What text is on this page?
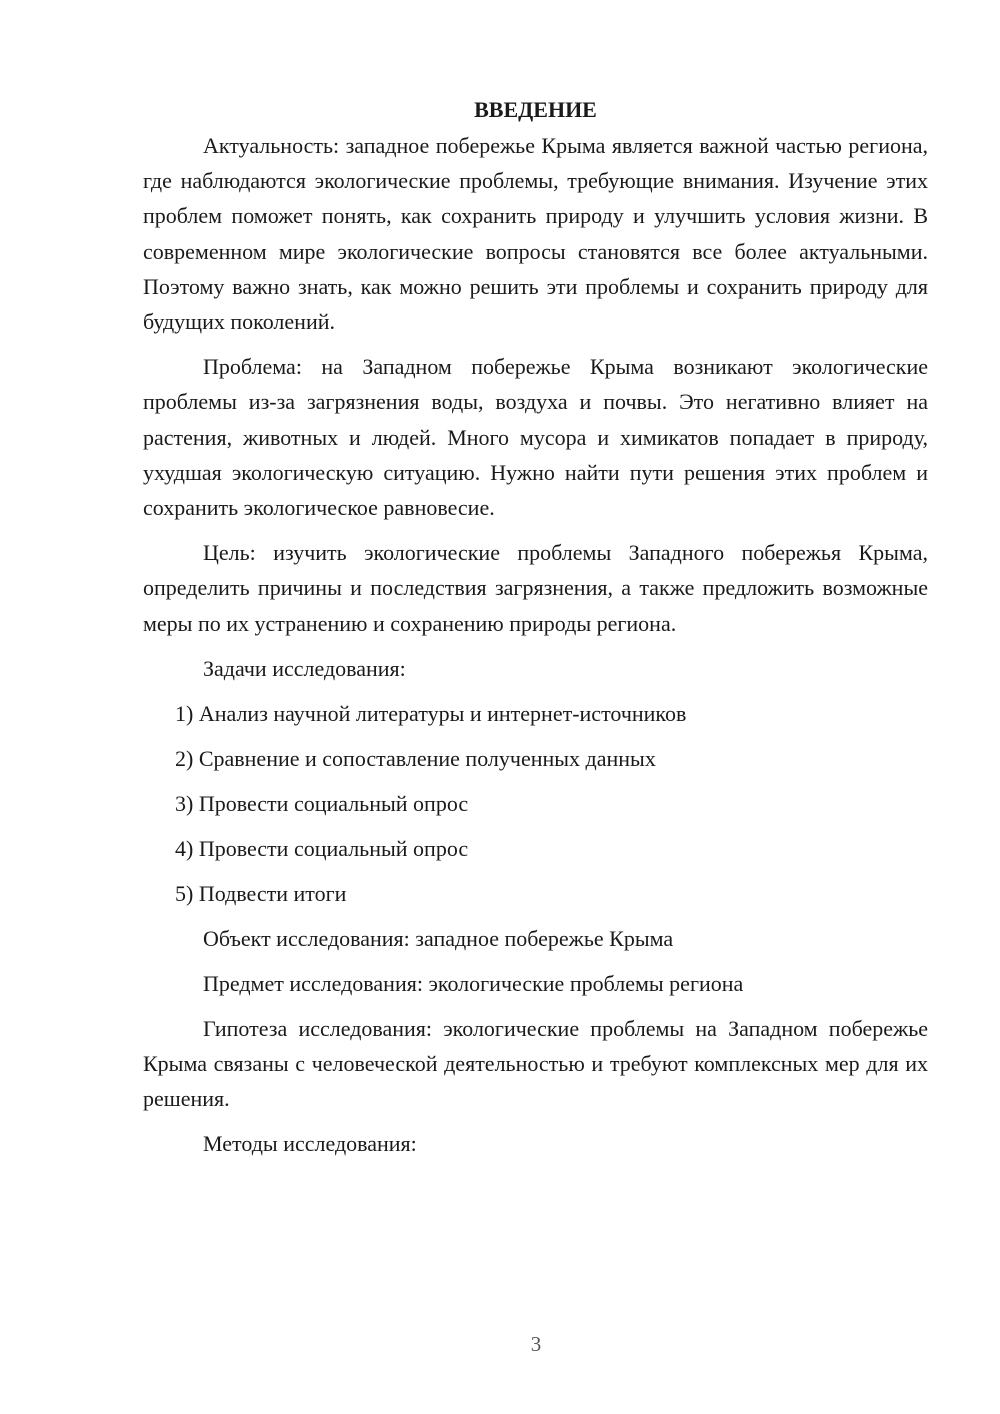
ВВЕДЕНИЕ

Актуальность: западное побережье Крыма является важной частью региона, где наблюдаются экологические проблемы, требующие внимания. Изучение этих проблем поможет понять, как сохранить природу и улучшить условия жизни. В современном мире экологические вопросы становятся все более актуальными. Поэтому важно знать, как можно решить эти проблемы и сохранить природу для будущих поколений.

Проблема: на Западном побережье Крыма возникают экологические проблемы из-за загрязнения воды, воздуха и почвы. Это негативно влияет на растения, животных и людей. Много мусора и химикатов попадает в природу, ухудшая экологическую ситуацию. Нужно найти пути решения этих проблем и сохранить экологическое равновесие.

Цель: изучить экологические проблемы Западного побережья Крыма, определить причины и последствия загрязнения, а также предложить возможные меры по их устранению и сохранению природы региона.

Задачи исследования:
1) Анализ научной литературы и интернет-источников
2) Сравнение и сопоставление полученных данных
3) Провести социальный опрос
4) Провести социальный опрос
5) Подвести итоги
Объект исследования: западное побережье Крыма
Предмет исследования: экологические проблемы региона

Гипотеза исследования: экологические проблемы на Западном побережье Крыма связаны с человеческой деятельностью и требуют комплексных мер для их решения.

Методы исследования:
3
